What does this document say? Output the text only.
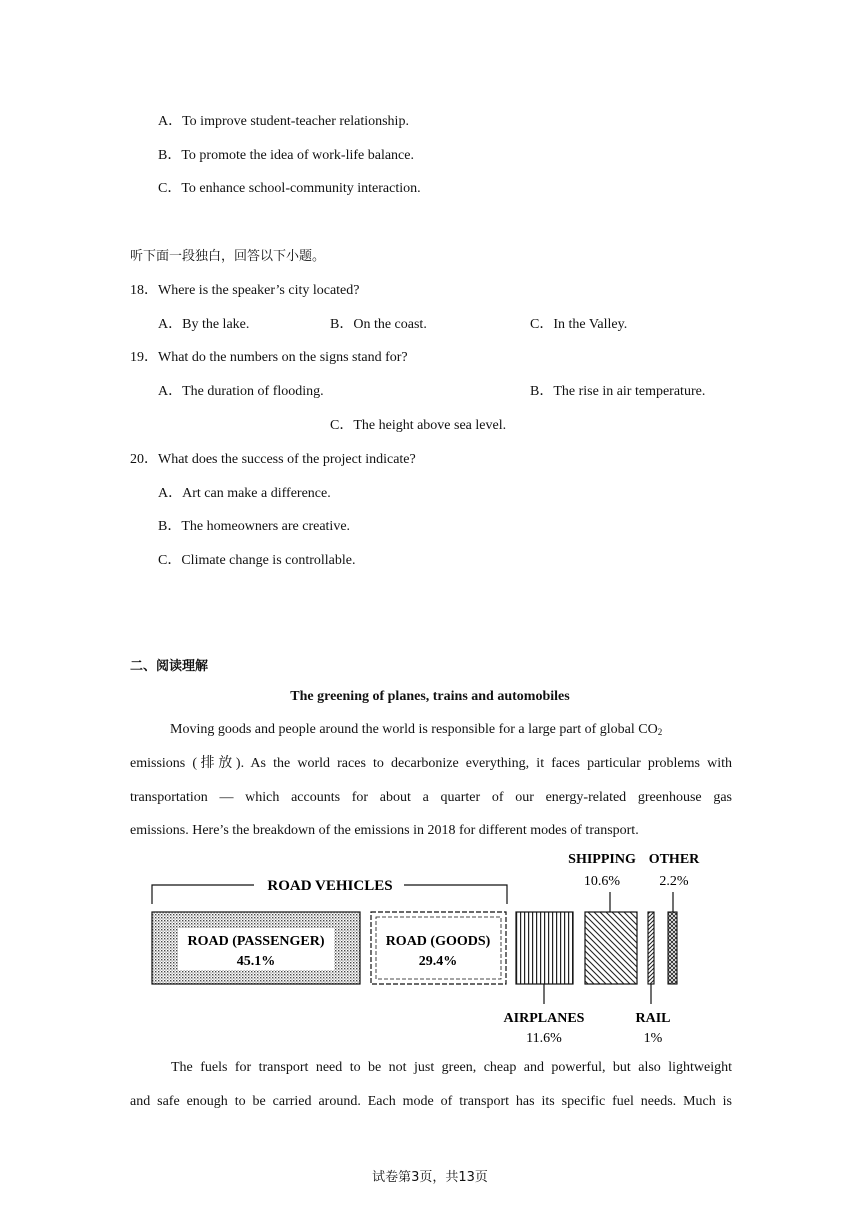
A．To improve student-teacher relationship.
B．To promote the idea of work-life balance.
C．To enhance school-community interaction.
听下面一段独白，回答以下小题。
18．Where is the speaker’s city located?
A．By the lake.	B．On the coast.	C．In the Valley.
19．What do the numbers on the signs stand for?
A．The duration of flooding.	B．The rise in air temperature.
C．The height above sea level.
20．What does the success of the project indicate?
A．Art can make a difference.
B．The homeowners are creative.
C．Climate change is controllable.
二、阅读理解
The greening of planes, trains and automobiles
Moving goods and people around the world is responsible for a large part of global $CO_2$
emissions (排放). As the world races to decarbonize everything, it faces particular problems with
transportation — which accounts for about a quarter of our energy-related greenhouse gas
emissions. Here’s the breakdown of the emissions in 2018 for different modes of transport.
ROAD VEHICLES
ROAD (PASSENGER)
45.1%
ROAD (GOODS)
29.4%
AIRPLANES
11.6%
SHIPPING
10.6%
RAIL
1%
OTHER
2.2%
The fuels for transport need to be not just green, cheap and powerful, but also lightweight
and safe enough to be carried around. Each mode of transport has its specific fuel needs. Much is
试卷第3页，共13页
